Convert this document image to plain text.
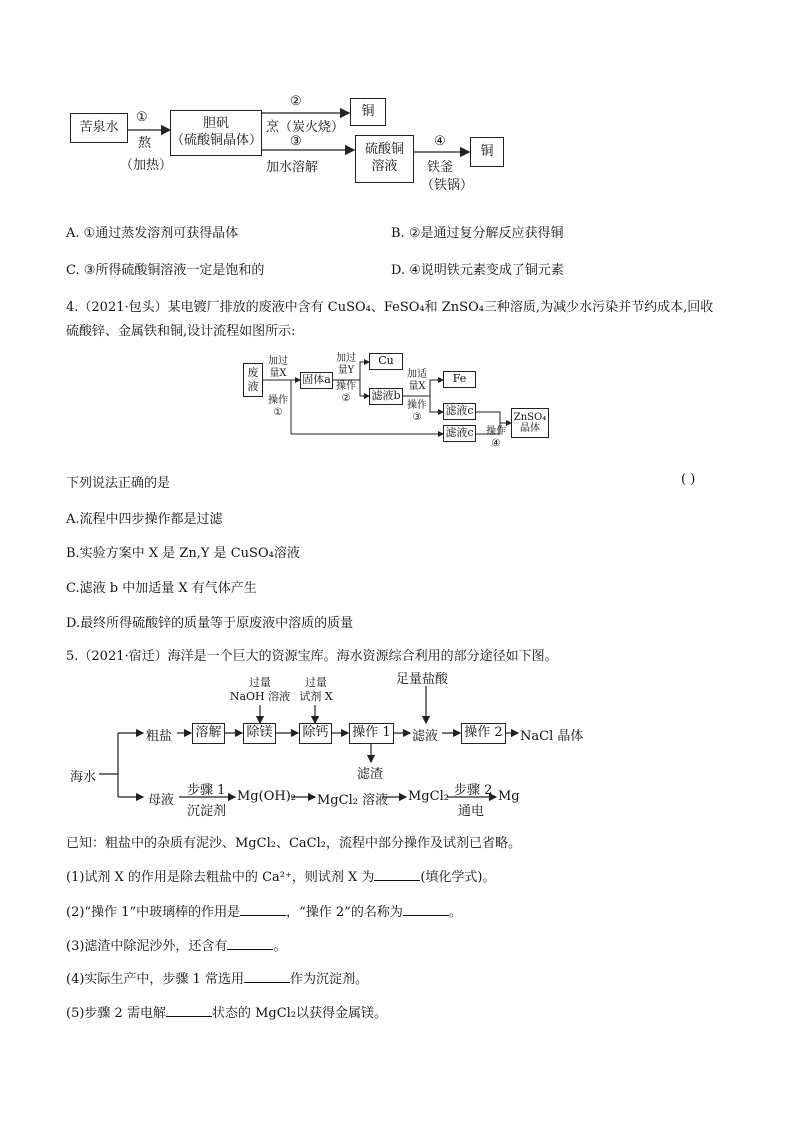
苦泉水	胆矾
（硫酸铜晶体）
铜
硫酸铜
溶液
铜
①
熬
（加热）
②
烹（炭火烧）
③
加水溶解
④
铁釜
（铁锅）
A. ①通过蒸发溶剂可获得晶体	B. ②是通过复分解反应获得铜
C. ③所得硫酸铜溶液一定是饱和的	D. ④说明铁元素变成了铜元素
4.（2021·包头）某电镀厂排放的废液中含有 CuSO₄、FeSO₄和 ZnSO₄三种溶质,为减少水污染并节约成本,回收
硫酸锌、金属铁和铜,设计流程如图所示:
废
液
固体a
Cu
滤液b
Fe
滤液c
滤液c
ZnSO₄
晶体
加过
量X
操作
①
加过
量Y
操作
②
加适
量X
操作
③
操作
④
下列说法正确的是	( )
A.流程中四步操作都是过滤
B.实验方案中 X 是 Zn,Y 是 CuSO₄溶液
C.滤液 b 中加适量 X 有气体产生
D.最终所得硫酸锌的质量等于原废液中溶质的质量
5.（2021·宿迁）海洋是一个巨大的资源宝库。海水资源综合利用的部分途径如下图。
海水
粗盐 溶解 除镁 除钙 操作 1 滤液 操作 2 NaCl 晶体
滤渣
过量
NaOH 溶液
过量
试剂 X
足量盐酸
母液
步骤 1
沉淀剂
Mg(OH)₂ MgCl₂ 溶液 MgCl₂ 步骤 2
通电
Mg
已知：粗盐中的杂质有泥沙、MgCl₂、CaCl₂，流程中部分操作及试剂已省略。
(1)试剂 X 的作用是除去粗盐中的 Ca²⁺，则试剂 X 为	(填化学式)。
(2)“操作 1”中玻璃棒的作用是	，“操作 2”的名称为	。
(3)滤渣中除泥沙外，还含有	。
(4)实际生产中，步骤 1 常选用	作为沉淀剂。
(5)步骤 2 需电解	状态的 MgCl₂以获得金属镁。
